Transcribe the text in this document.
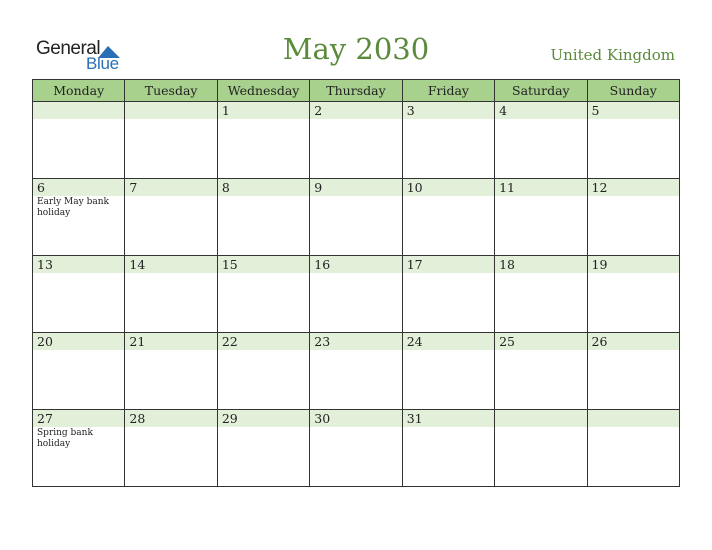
General
Blue	May 2030	United Kingdom
Monday	Tuesday	Wednesday	Thursday	Friday	Saturday	Sunday

		1	2	3	4	5

6
Early May bank holiday	7	8	9	10	11	12

13	14	15	16	17	18	19

20	21	22	23	24	25	26

27
Spring bank holiday	28	29	30	31		
